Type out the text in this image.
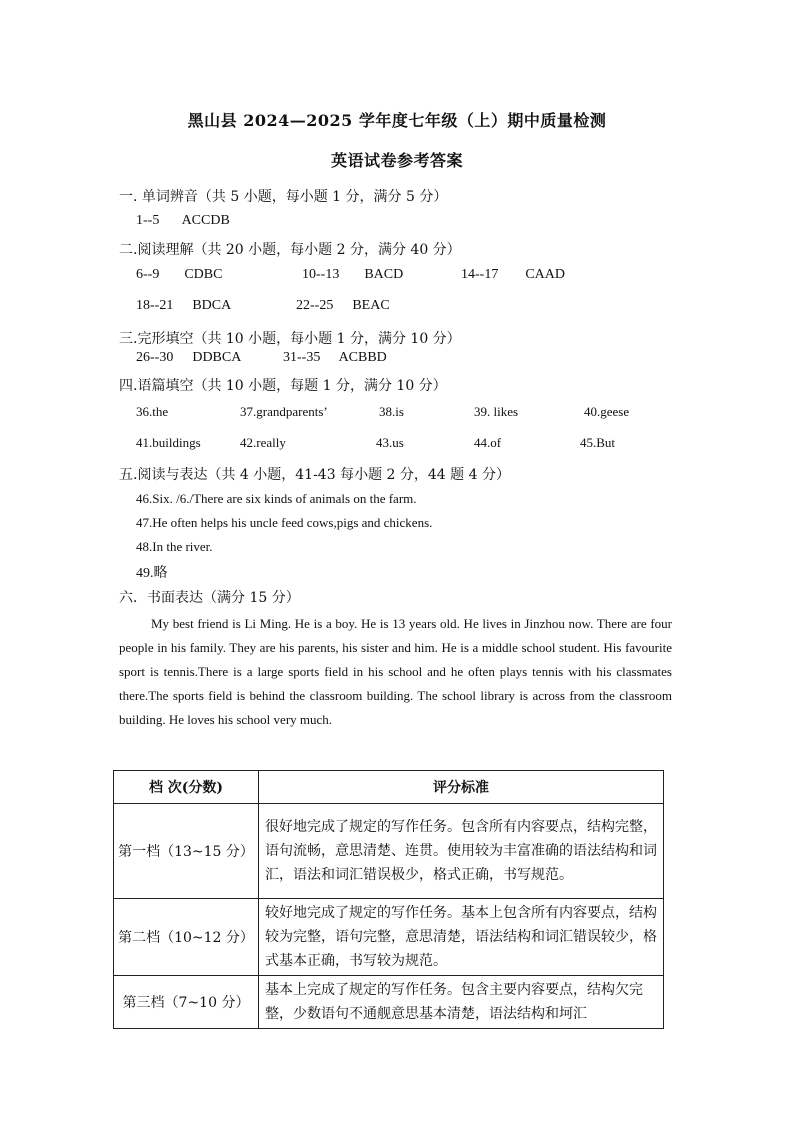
黑山县 2024—2025 学年度七年级（上）期中质量检测
英语试卷参考答案
一. 单词辨音（共 5 小题，每小题 1 分，满分 5 分）
1--5 ACCDB
二.阅读理解（共 20 小题，每小题 2 分，满分 40 分）
6--9 CDBC	10--13 BACD	14--17 CAAD
18--21 BDCA	22--25 BEAC
三.完形填空（共 10 小题，每小题 1 分，满分 10 分）
26--30 DDBCA	31--35 ACBBD
四.语篇填空（共 10 小题，每题 1 分，满分 10 分）
36.the	37.grandparents’	38.is	39. likes	40.geese
41.buildings	42.really	43.us	44.of	45.But
五.阅读与表达（共 4 小题，41-43 每小题 2 分，44 题 4 分）
46.Six. /6./There are six kinds of animals on the farm.
47.He often helps his uncle feed cows,pigs and chickens.
48.In the river.
49.略
六．书面表达（满分 15 分）
My best friend is Li Ming. He is a boy. He is 13 years old. He lives in Jinzhou now. There are four people in his family. They are his parents, his sister and him. He is a middle school student. His favourite sport is tennis.There is a large sports field in his school and he often plays tennis with his classmates there.The sports field is behind the classroom building. The school library is across from the classroom building. He loves his school very much.
档 次(分数)	评分标准
第一档（13~15 分）	很好地完成了规定的写作任务。包含所有内容要点，结构完整，语句流畅，意思清楚、连贯。使用较为丰富准确的语法结构和词汇，语法和词汇错误极少，格式正确，书写规范。
第二档（10~12 分）	较好地完成了规定的写作任务。基本上包含所有内容要点，结构较为完整，语句完整，意思清楚，语法结构和词汇错误较少，格式基本正确，书写较为规范。
第三档（7~10 分）	基本上完成了规定的写作任务。包含主要内容要点，结构欠完整，少数语句不通舰意思基本清楚，语法结构和坷汇
